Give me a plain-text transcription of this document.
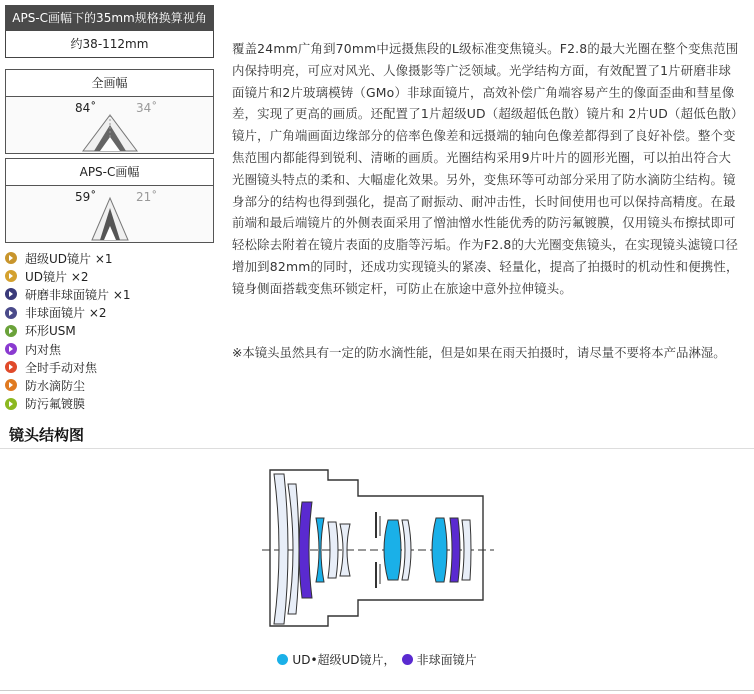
APS-C画幅下的35mm规格换算视角
约38-112mm
全画幅
84˚	34˚
APS-C画幅
59˚	21˚
超级UD镜片 ×1
UD镜片 ×2
研磨非球面镜片 ×1
非球面镜片 ×2
环形USM
内对焦
全时手动对焦
防水滴防尘
防污氟镀膜
覆盖24mm广角到70mm中远摄焦段的L级标准变焦镜头。F2.8的最大光圈在整个变焦范围内保持明亮，可应对风光、人像摄影等广泛领域。光学结构方面，有效配置了1片研磨非球面镜片和2片玻璃模铸（GMo）非球面镜片，高效补偿广角端容易产生的像面歪曲和彗星像差，实现了更高的画质。还配置了1片超级UD（超级超低色散）镜片和 2片UD（超低色散）镜片，广角端画面边缘部分的倍率色像差和远摄端的轴向色像差都得到了良好补偿。整个变焦范围内都能得到锐利、清晰的画质。光圈结构采用9片叶片的圆形光圈，可以拍出符合大光圈镜头特点的柔和、大幅虚化效果。另外，变焦环等可动部分采用了防水滴防尘结构。镜身部分的结构也得到强化，提高了耐振动、耐冲击性，长时间使用也可以保持高精度。在最前端和最后端镜片的外侧表面采用了憎油憎水性能优秀的防污氟镀膜，仅用镜头布擦拭即可轻松除去附着在镜片表面的皮脂等污垢。作为F2.8的大光圈变焦镜头，在实现镜头滤镜口径增加到82mm的同时，还成功实现镜头的紧凑、轻量化，提高了拍摄时的机动性和便携性，镜身侧面搭载变焦环锁定杆，可防止在旅途中意外拉伸镜头。
※本镜头虽然具有一定的防水滴性能，但是如果在雨天拍摄时，请尽量不要将本产品淋湿。
镜头结构图
UD•超级UD镜片， 非球面镜片
